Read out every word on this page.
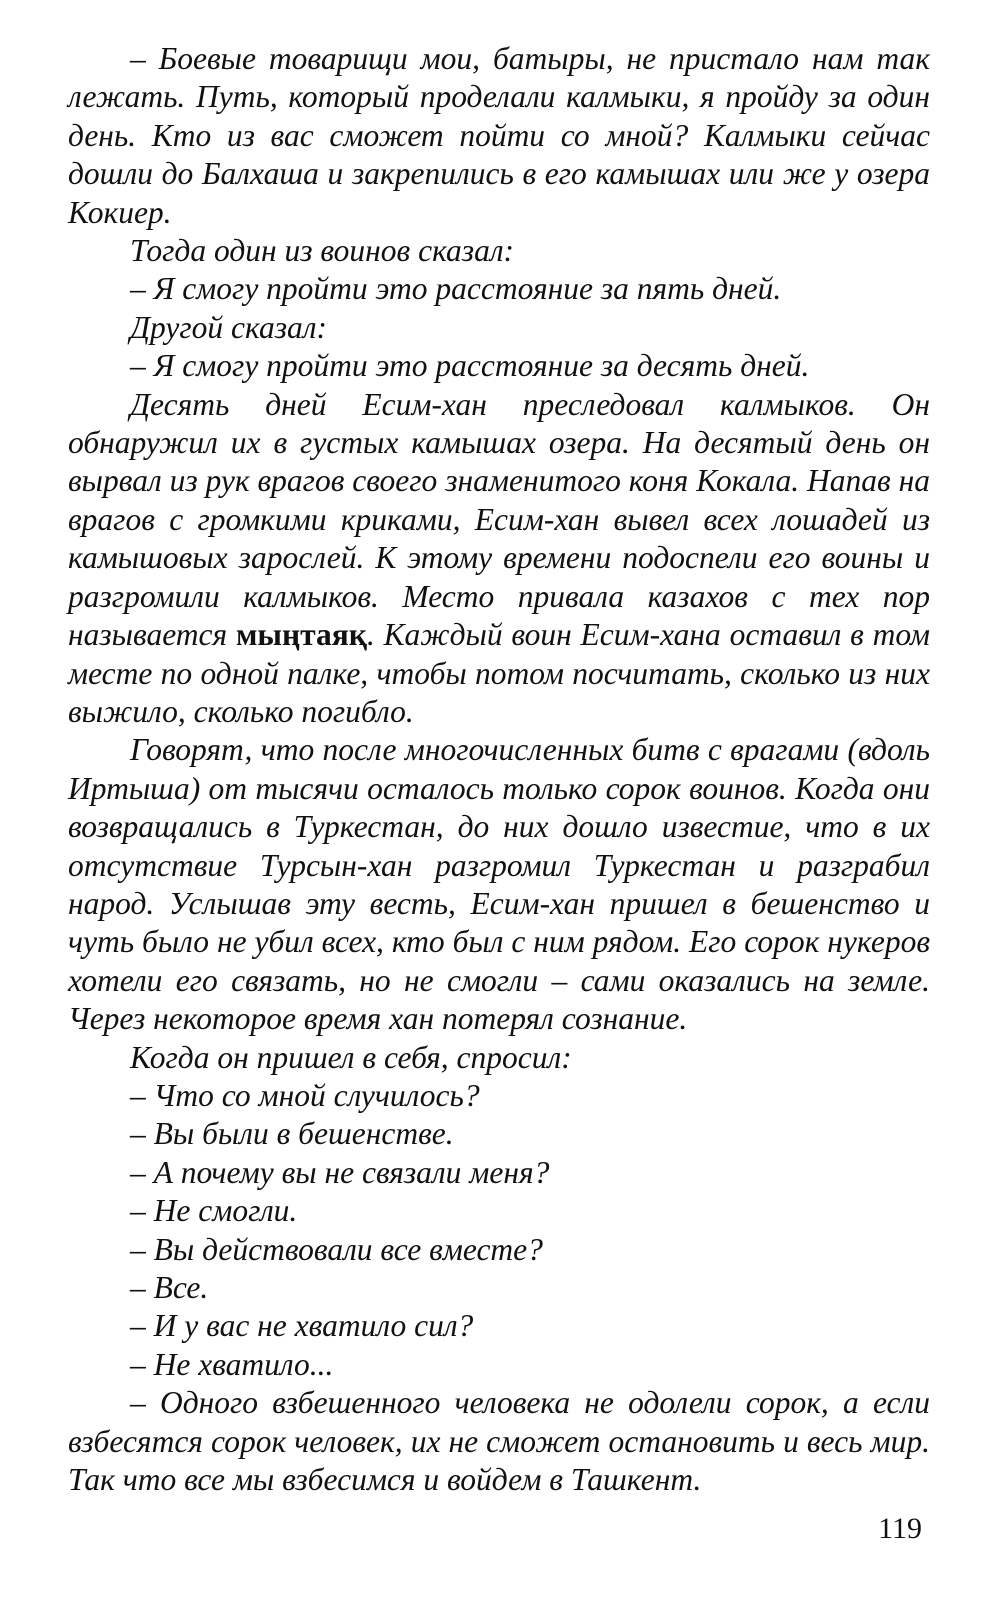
– Боевые товарищи мои, батыры, не пристало нам так лежать. Путь, который проделали калмыки, я пройду за один день. Кто из вас сможет пойти со мной? Калмыки сейчас дошли до Балхаша и закрепились в его камышах или же у озера Кокиер.

Тогда один из воинов сказал:

– Я смогу пройти это расстояние за пять дней.

Другой сказал:

– Я смогу пройти это расстояние за десять дней.

Десять дней Есим-хан преследовал калмыков. Он обнаружил их в густых камышах озера. На десятый день он вырвал из рук врагов своего знаменитого коня Кокала. Напав на врагов с громкими криками, Есим-хан вывел всех лошадей из камышовых зарослей. К этому времени подоспели его воины и разгромили калмыков. Место привала казахов с тех пор называется мыңтаяқ. Каждый воин Есим-хана оставил в том месте по одной палке, чтобы потом посчитать, сколько из них выжило, сколько погибло.

Говорят, что после многочисленных битв с врагами (вдоль Иртыша) от тысячи осталось только сорок воинов. Когда они возвращались в Туркестан, до них дошло известие, что в их отсутствие Турсын-хан разгромил Туркестан и разграбил народ. Услышав эту весть, Есим-хан пришел в бешенство и чуть было не убил всех, кто был с ним рядом. Его сорок нукеров хотели его связать, но не смогли – сами оказались на земле. Через некоторое время хан потерял сознание.

Когда он пришел в себя, спросил:

– Что со мной случилось?

– Вы были в бешенстве.

– А почему вы не связали меня?

– Не смогли.

– Вы действовали все вместе?

– Все.

– И у вас не хватило сил?

– Не хватило...

– Одного взбешенного человека не одолели сорок, а если взбесятся сорок человек, их не сможет остановить и весь мир. Так что все мы взбесимся и войдем в Ташкент.

119
